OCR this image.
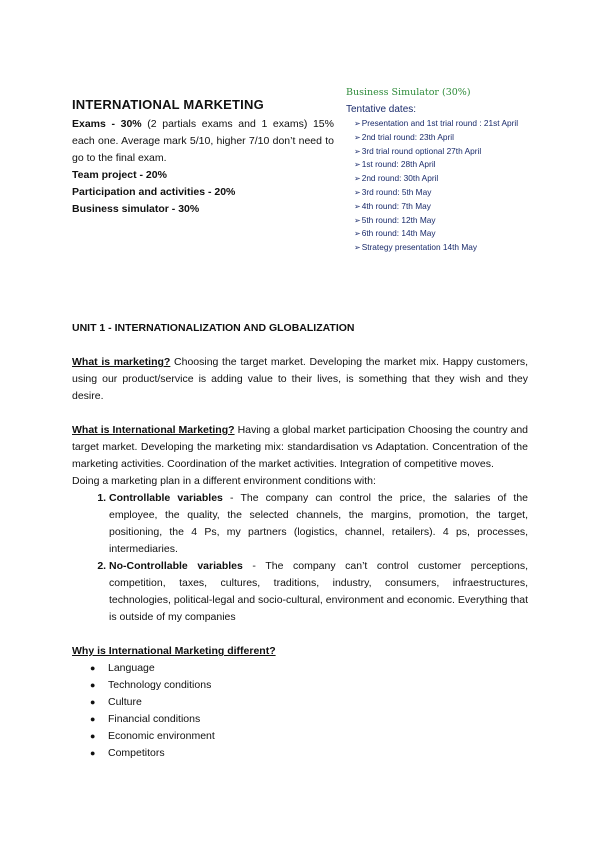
INTERNATIONAL MARKETING

Exams - 30% (2 partials exams and 1 exams) 15% each one. Average mark 5/10, higher 7/10 don’t need to go to the final exam.

Team project - 20%

Participation and activities - 20%

Business simulator - 30%

Business Simulator (30%)
Tentative dates:
➢ Presentation and 1st trial round : 21st April
➢ 2nd trial round: 23th April
➢ 3rd trial round optional 27th April
➢ 1st round: 28th April
➢ 2nd round: 30th April
➢ 3rd round: 5th May
➢ 4th round: 7th May
➢ 5th round: 12th May
➢ 6th round: 14th May
➢ Strategy presentation 14th May

UNIT 1 - INTERNATIONALIZATION AND GLOBALIZATION

What is marketing? Choosing the target market. Developing the market mix. Happy customers, using our product/service is adding value to their lives, is something that they wish and they desire.

What is International Marketing? Having a global market participation Choosing the country and target market. Developing the marketing mix: standardisation vs Adaptation. Concentration of the marketing activities. Coordination of the market activities. Integration of competitive moves.

Doing a marketing plan in a different environment conditions with:

1. Controllable variables - The company can control the price, the salaries of the employee, the quality, the selected channels, the margins, promotion, the target, positioning, the 4 Ps, my partners (logistics, channel, retailers). 4 ps, processes, intermediaries.
2. No-Controllable variables - The company can’t control customer perceptions, competition, taxes, cultures, traditions, industry, consumers, infraestructures, technologies, political-legal and socio-cultural, environment and economic. Everything that is outside of my companies

Why is International Marketing different?

● Language
● Technology conditions
● Culture
● Financial conditions
● Economic environment
● Competitors
